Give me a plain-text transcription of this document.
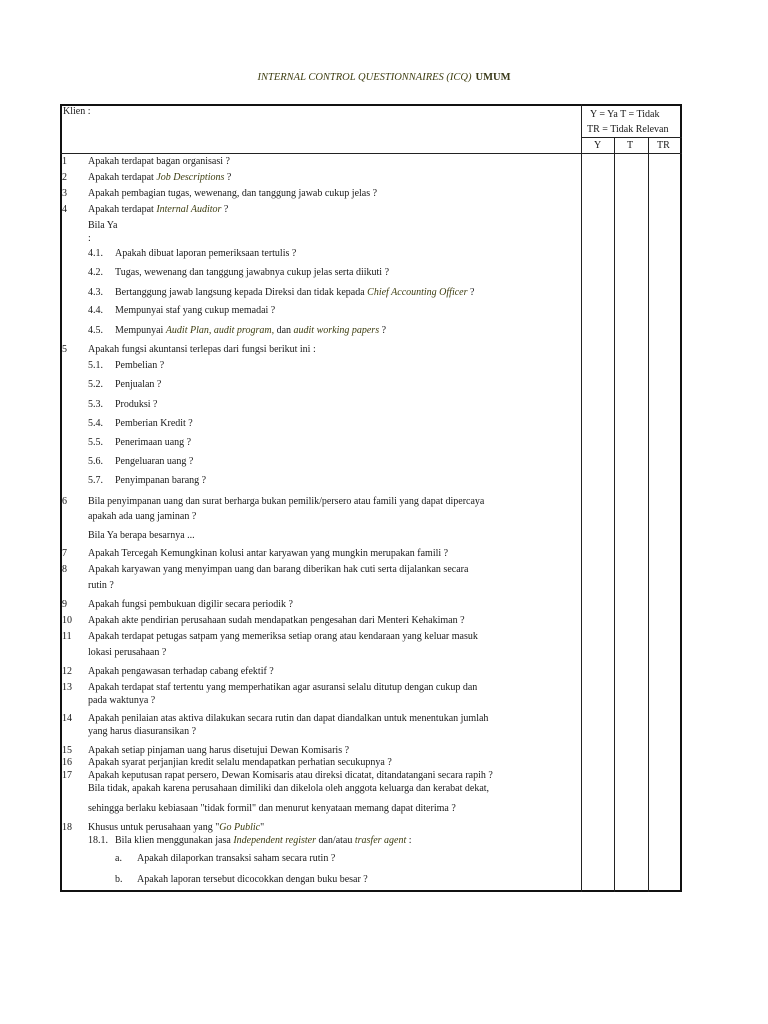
INTERNAL CONTROL QUESTIONNAIRES (ICQ) UMUM
Klien :	Y = Ya T = Tidak
TR = Tidak Relevan
Y	T TR
1 Apakah terdapat bagan organisasi ?
2 Apakah terdapat Job Descriptions ?
3 Apakah pembagian tugas, wewenang, dan tanggung jawab cukup jelas ?
4 Apakah terdapat Internal Auditor ?
Bila Ya
:
4.1. Apakah dibuat laporan pemeriksaan tertulis ?
4.2. Tugas, wewenang dan tanggung jawabnya cukup jelas serta diikuti ?
4.3. Bertanggung jawab langsung kepada Direksi dan tidak kepada Chief Accounting Officer ?
4.4. Mempunyai staf yang cukup memadai ?
4.5. Mempunyai Audit Plan, audit program, dan audit working papers ?
5 Apakah fungsi akuntansi terlepas dari fungsi berikut ini :
5.1. Pembelian ?
5.2. Penjualan ?
5.3. Produksi ?
5.4. Pemberian Kredit ?
5.5. Penerimaan uang ?
5.6. Pengeluaran uang ?
5.7. Penyimpanan barang ?
6 Bila penyimpanan uang dan surat berharga bukan pemilik/persero atau famili yang dapat dipercaya
apakah ada uang jaminan ?
Bila Ya berapa besarnya ...
7 Apakah Tercegah Kemungkinan kolusi antar karyawan yang mungkin merupakan famili ?
8 Apakah karyawan yang menyimpan uang dan barang diberikan hak cuti serta dijalankan secara
rutin ?
9 Apakah fungsi pembukuan digilir secara periodik ?
10 Apakah akte pendirian perusahaan sudah mendapatkan pengesahan dari Menteri Kehakiman ?
11 Apakah terdapat petugas satpam yang memeriksa setiap orang atau kendaraan yang keluar masuk
lokasi perusahaan ?
12 Apakah pengawasan terhadap cabang efektif ?
13 Apakah terdapat staf tertentu yang memperhatikan agar asuransi selalu ditutup dengan cukup dan
pada waktunya ?
14 Apakah penilaian atas aktiva dilakukan secara rutin dan dapat diandalkan untuk menentukan jumlah
yang harus diasuransikan ?
15 Apakah setiap pinjaman uang harus disetujui Dewan Komisaris ?
16 Apakah syarat perjanjian kredit selalu mendapatkan perhatian secukupnya ?
17 Apakah keputusan rapat persero, Dewan Komisaris atau direksi dicatat, ditandatangani secara rapih ?
Bila tidak, apakah karena perusahaan dimiliki dan dikelola oleh anggota keluarga dan kerabat dekat,
sehingga berlaku kebiasaan "tidak formil" dan menurut kenyataan memang dapat diterima ?
18 Khusus untuk perusahaan yang "Go Public"
18.1. Bila klien menggunakan jasa Independent register dan/atau trasfer agent :
a. Apakah dilaporkan transaksi saham secara rutin ?
b. Apakah laporan tersebut dicocokkan dengan buku besar ?
